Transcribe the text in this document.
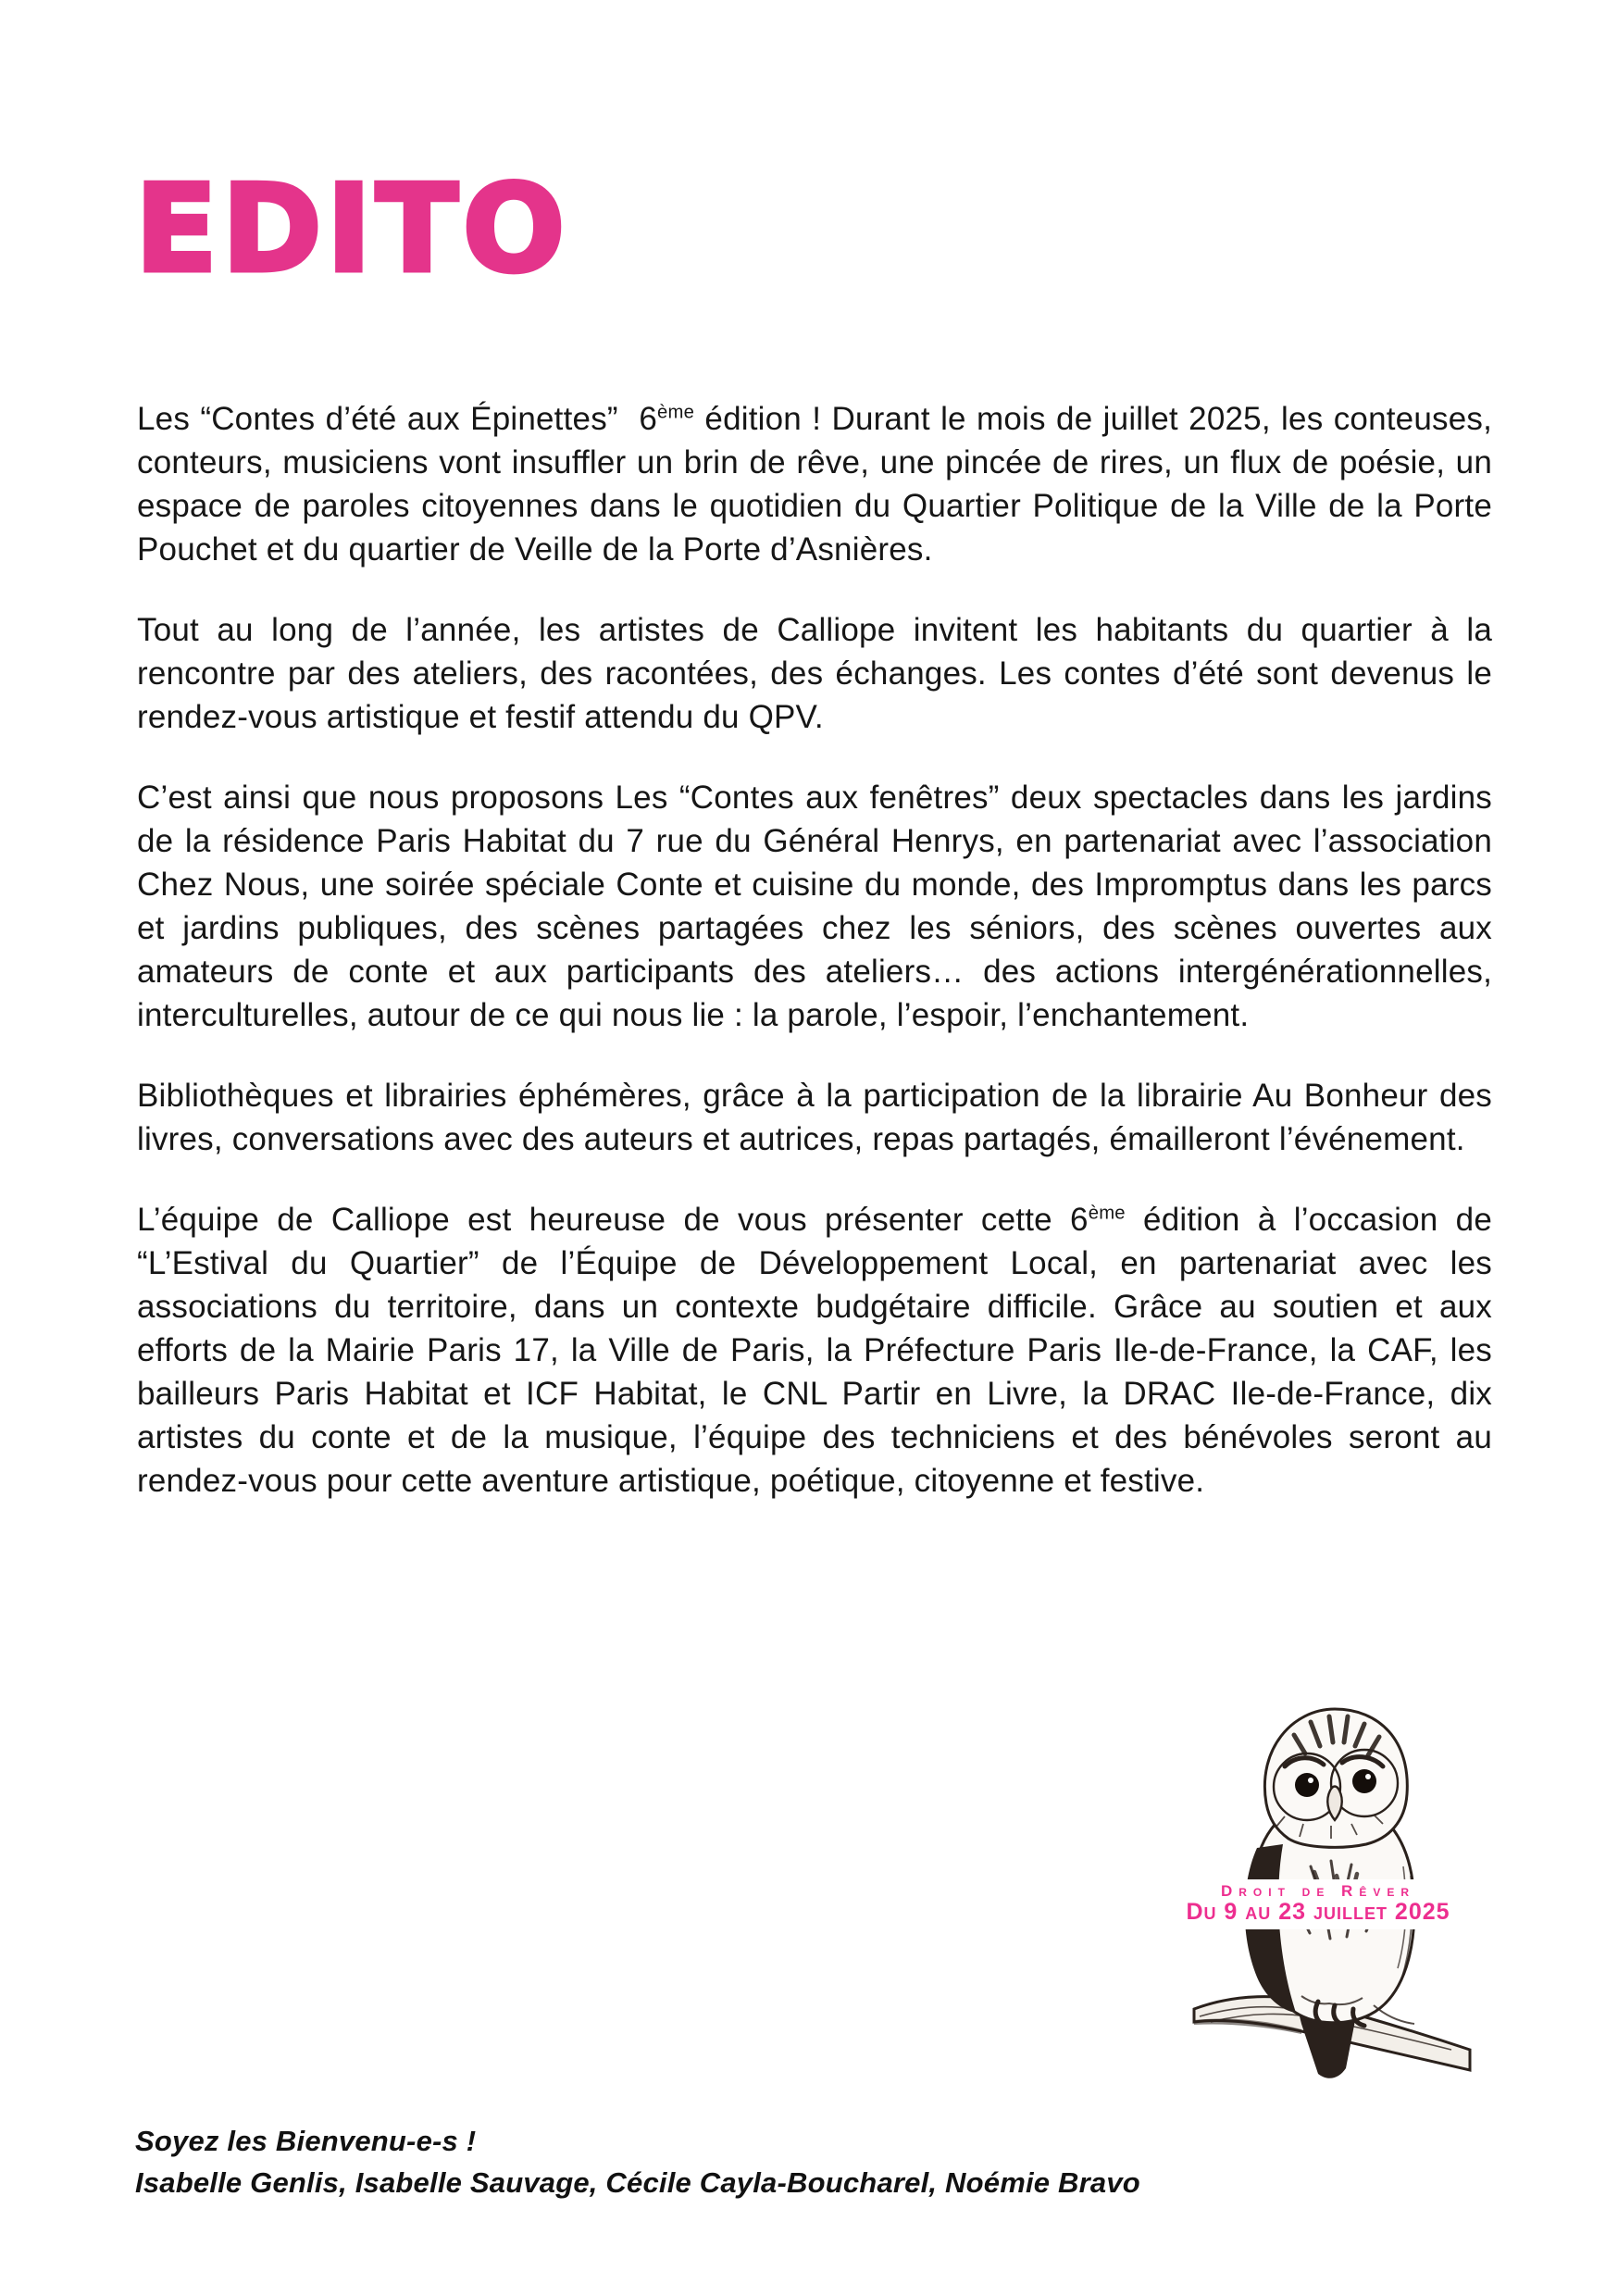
EDITO

Les “Contes d’été aux Épinettes”  6ème édition ! Durant le mois de juillet 2025, les conteuses, conteurs, musiciens vont insuffler un brin de rêve, une pincée de rires, un flux de poésie, un espace de paroles citoyennes dans le quotidien du Quartier Politique de la Ville de la Porte Pouchet et du quartier de Veille de la Porte d’Asnières.

Tout au long de l’année, les artistes de Calliope invitent les habitants du quartier à la rencontre par des ateliers, des racontées, des échanges. Les contes d’été sont devenus le rendez-vous artistique et festif attendu du QPV.

C’est ainsi que nous proposons Les “Contes aux fenêtres” deux spectacles dans les jardins de la résidence Paris Habitat du 7 rue du Général Henrys, en partenariat avec l’association Chez Nous, une soirée spéciale Conte et cuisine du monde, des Impromptus dans les parcs et jardins publiques, des scènes partagées chez les séniors, des scènes ouvertes aux amateurs de conte et aux participants des ateliers… des actions intergénérationnelles, interculturelles, autour de ce qui nous lie : la parole, l’espoir, l’enchantement.

Bibliothèques et librairies éphémères, grâce à la participation de la librairie Au Bonheur des livres, conversations avec des auteurs et autrices, repas partagés, émailleront l’événement.

L’équipe de Calliope est heureuse de vous présenter cette 6ème édition à l’occasion de “L’Estival du Quartier” de l’Équipe de Développement Local, en partenariat avec les associations du territoire, dans un contexte budgétaire difficile. Grâce au soutien et aux efforts de la Mairie Paris 17, la Ville de Paris, la Préfecture Paris Ile-de-France, la CAF, les bailleurs Paris Habitat et ICF Habitat, le CNL Partir en Livre, la DRAC Ile-de-France, dix artistes du conte et de la musique, l’équipe des techniciens et des bénévoles seront au rendez-vous pour cette aventure artistique, poétique, citoyenne et festive.

Droit de Rêver
Du 9 au 23 juillet 2025
Soyez les Bienvenu-e-s !
Isabelle Genlis, Isabelle Sauvage, Cécile Cayla-Boucharel, Noémie Bravo
